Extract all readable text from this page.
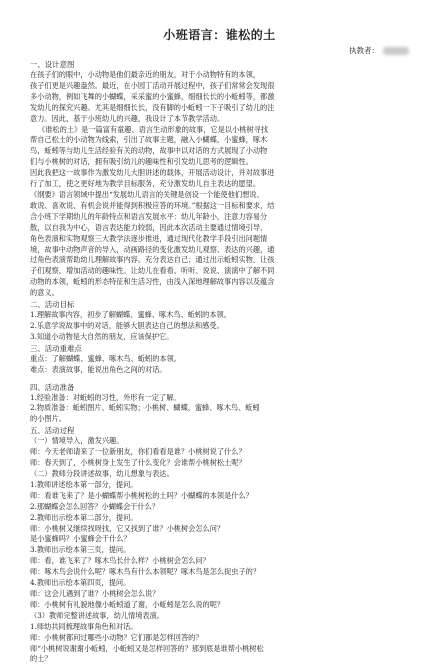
小班语言：谁松的土
执教者：
一、设计意图
在孩子们的眼中，小动物是他们最亲近的朋友，对于小动物特有的本领，
孩子们更是兴趣盎然。最近，在小园丁活动开展过程中，孩子们常常会发现很
多小动物，例如飞舞的小蝴蝶，采采蜜的小蜜蜂，细细长长的小蚯蚓等，都激
发幼儿的探究兴趣。尤其是细细长长，没有脚的小蚯蚓一下子吸引了幼儿的注
意力。因此，基于小班幼儿的兴趣，我设计了本节教学活动。
《谁松的土》是一篇富有童趣、语言生动形象的故事，它是以小桃树寻找
帮自己松土的小动物为线索，引出了故事主题，融入小蝴蝶，小蜜蜂，啄木
鸟，蚯蚓等与幼儿生活经验有关的动物，故事中以对话的方式展现了小动物
们与小桃树的对话，拥有吸引幼儿的趣味性和引发幼儿思考的逻辑性。
因此我把这一故事作为激发幼儿大胆讲述的载体，开展活动设计，并对故事进
行了加工，使之更好地为教学目标服务，充分激发幼儿自主表达的愿望。
《纲要》语言领域中提出“发展幼儿语言的关键是创设一个能使他们想说、
敢说、喜欢说、有机会说并能得到积极应答的环境。”根据这一目标和要求，结
合小班下学期幼儿的年龄特点和语言发展水平：幼儿年龄小，注意力容易分
散，以自我为中心，语言表达能力较弱，因此本次活动主要通过情境引导、
角色表演和实物观察三大教学法逐步推进，通过现代化教学手段引出问题情
境，故事中动物声音的导入，动画路径的变化激发幼儿观察、表达的兴趣，通
过角色表演帮助幼儿理解故事内容。充分表达自己；通过出示蚯蚓实物，让孩
子们观察，增加活动的趣味性。让幼儿在看看、听听、说说、演演中了解不同
动物的本领，蚯蚓的形态特征和生活习性，由浅入深地理解故事内容以及蕴含
的意义。
二、活动目标
1.理解故事内容，初步了解蝴蝶、蜜蜂、啄木鸟、蚯蚓的本领。
2.乐意学说故事中的对话，能够大胆表达自己的想法和感受。
3.知道小动物是大自然的朋友，应该保护它。
三、活动重难点
重点：了解蝴蝶、蜜蜂、啄木鸟、蚯蚓的本领。
难点：表演故事，能说出角色之间的对话。
四、活动准备
1.经验准备：对蚯蚓的习性，外形有一定了解。
2.物质准备：蚯蚓图片、蚯蚓实物；小桃树、蝴蝶、蜜蜂、啄木鸟、蚯蚓
的小图片。
五、活动过程
（一）情境导入，激发兴趣。
师：今天老师请来了一位新朋友，你们看看是谁？小桃树说了什么？
师：春天到了，小桃树身上发生了什么变化？会谁帮小桃树松土呢？
（二）教师分段讲述故事，幼儿想象与表达。
1.教师讲述绘本第一部分，提问。
师：看谁飞来了？是小蝴蝶帮小桃树松的土吗？小蝴蝶的本领是什么？
2.那蝴蝶会怎么回答？小蝴蝶会干什么？
2.教师出示绘本第二部分，提问。
师：小桃树又继续找呀找，它又找到了谁？小桃树会怎么问？
是小蜜蜂吗？小蜜蜂会干什么？
3.教师出示绘本第三页，提问。
师：看，谁飞来了？啄木鸟长什么样？小桃树会怎么问？
师：啄木鸟会说什么呢？啄木鸟有什么本领呢？啄木鸟是怎么捉虫子的？
4.教师出示绘本第四页，提问。
师：这会儿遇到了谁？小桃树会怎么说？
师：小桃树有礼貌地像小蚯蚓道了谢，小蚯蚓是怎么说的呢？
（3）教师完整讲述故事，幼儿情境表演。
1.师幼共同梳理故事角色和对话。
师：小桃树都问过哪些小动物？它们都是怎样回答的？
师“小桃树说谢谢小蚯蚓，小蚯蚓又是怎样回答的？那到底是谁帮小桃树松
的土？
